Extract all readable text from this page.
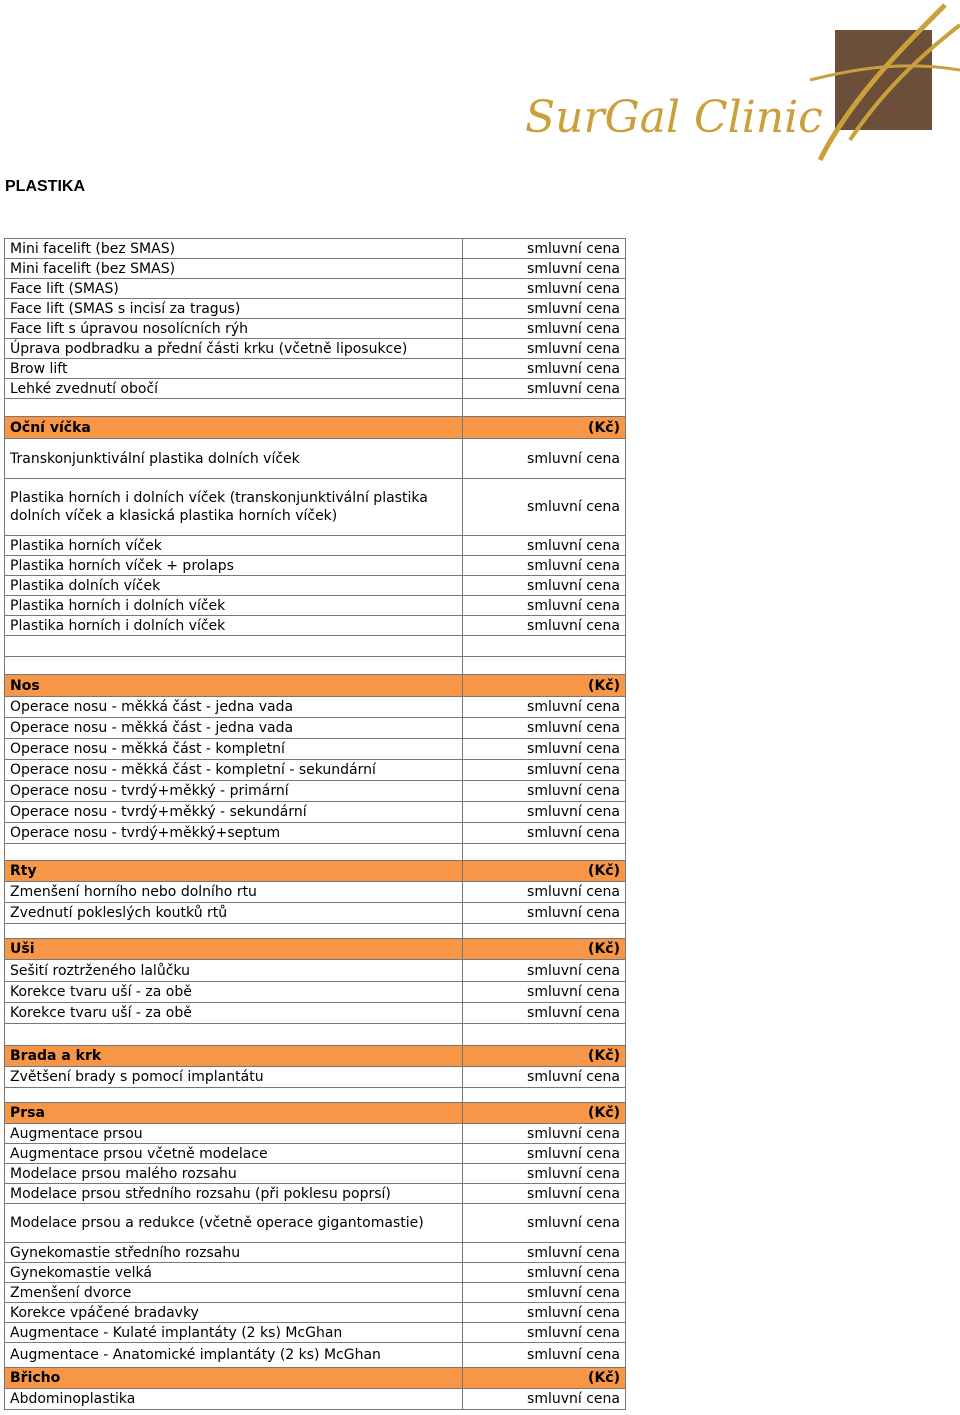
SurGal Clinic
PLASTIKA
Mini facelift (bez SMAS)	smluvní cena
Mini facelift (bez SMAS)	smluvní cena
Face lift (SMAS)	smluvní cena
Face lift (SMAS s incisí za tragus)	smluvní cena
Face lift s úpravou nosolícních rýh	smluvní cena
Úprava podbradku a přední části krku (včetně liposukce)	smluvní cena
Brow lift	smluvní cena
Lehké zvednutí obočí	smluvní cena

Oční víčka	(Kč)
Transkonjunktivální plastika dolních víček	smluvní cena
Plastika horních i dolních víček (transkonjunktivální plastika dolních víček a klasická plastika horních víček)	smluvní cena
Plastika horních víček	smluvní cena
Plastika horních víček + prolaps	smluvní cena
Plastika dolních víček	smluvní cena
Plastika horních i dolních víček	smluvní cena
Plastika horních i dolních víček	smluvní cena

Nos	(Kč)
Operace nosu - měkká část - jedna vada	smluvní cena
Operace nosu - měkká část - jedna vada	smluvní cena
Operace nosu - měkká část - kompletní	smluvní cena
Operace nosu - měkká část - kompletní - sekundární	smluvní cena
Operace nosu - tvrdý+měkký - primární	smluvní cena
Operace nosu - tvrdý+měkký - sekundární	smluvní cena
Operace nosu - tvrdý+měkký+septum	smluvní cena

Rty	(Kč)
Zmenšení horního nebo dolního rtu	smluvní cena
Zvednutí pokleslých koutků rtů	smluvní cena

Uši	(Kč)
Sešití roztrženého lalůčku	smluvní cena
Korekce tvaru uší - za obě	smluvní cena
Korekce tvaru uší - za obě	smluvní cena

Brada a krk	(Kč)
Zvětšení brady s pomocí implantátu	smluvní cena

Prsa	(Kč)
Augmentace prsou	smluvní cena
Augmentace prsou včetně modelace	smluvní cena
Modelace prsou malého rozsahu	smluvní cena
Modelace prsou středního rozsahu (při poklesu poprsí)	smluvní cena
Modelace prsou a redukce (včetně operace gigantomastie)	smluvní cena
Gynekomastie středního rozsahu	smluvní cena
Gynekomastie velká	smluvní cena
Zmenšení dvorce	smluvní cena
Korekce vpáčené bradavky	smluvní cena
Augmentace - Kulaté implantáty (2 ks) McGhan	smluvní cena
Augmentace - Anatomické implantáty (2 ks) McGhan	smluvní cena
Břicho	(Kč)
Abdominoplastika	smluvní cena
